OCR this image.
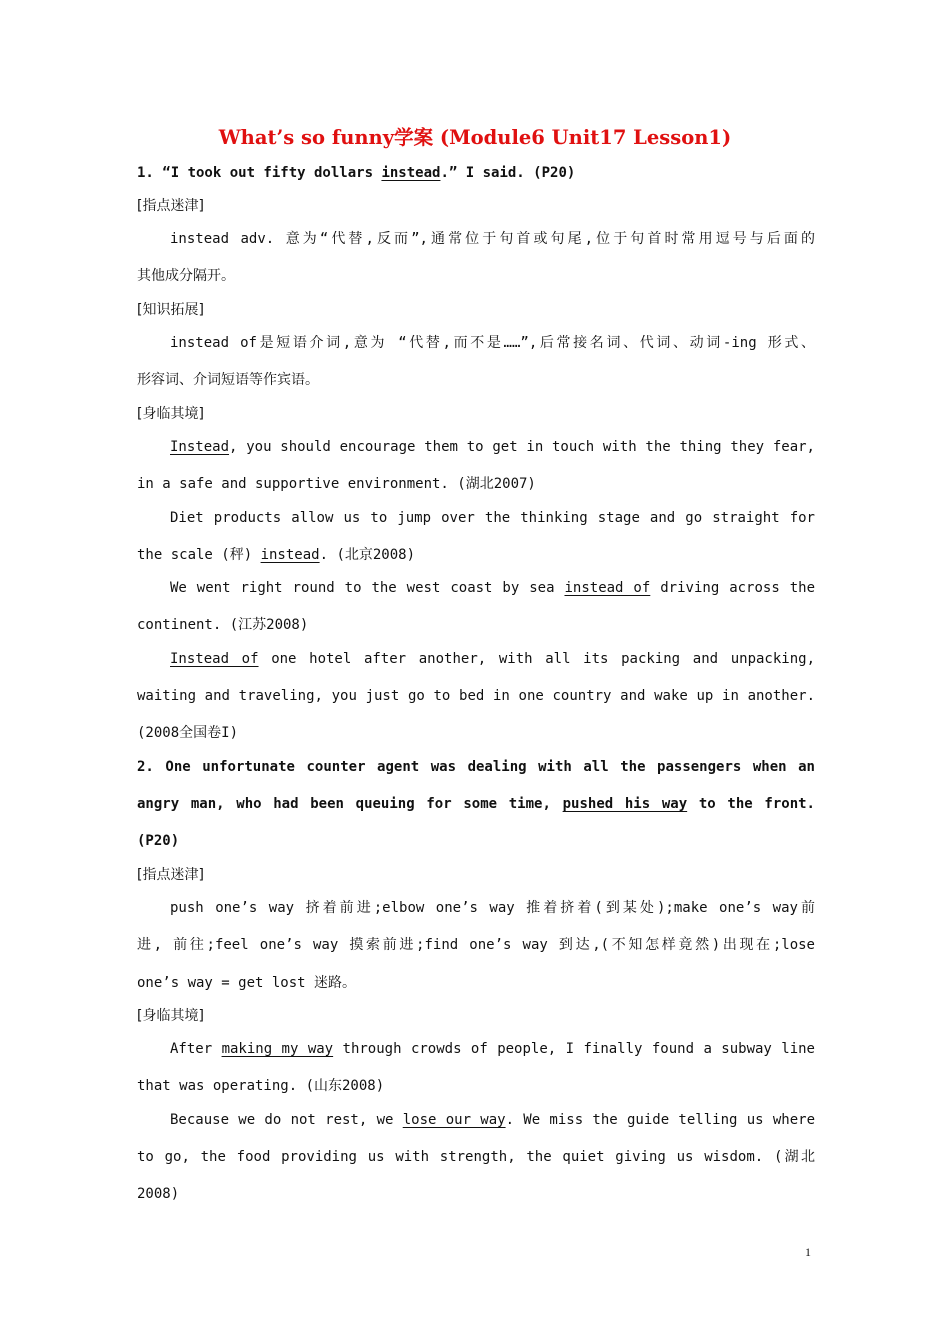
What’s so funny学案 (Module6 Unit17 Lesson1)
1. “I took out fifty dollars instead.” I said. (P20)
[指点迷津]
instead adv. 意为“代替,反而”,通常位于句首或句尾,位于句首时常用逗号与后面的
其他成分隔开。
[知识拓展]
instead of是短语介词,意为 “代替,而不是……”,后常接名词、代词、动词-ing 形式、
形容词、介词短语等作宾语。
[身临其境]
Instead, you should encourage them to get in touch with the thing they fear,
in a safe and supportive environment. (湖北2007)
Diet products allow us to jump over the thinking stage and go straight for
the scale (秤) instead. (北京2008)
We went right round to the west coast by sea instead of driving across the
continent. (江苏2008)
Instead of one hotel after another, with all its packing and unpacking,
waiting and traveling, you just go to bed in one country and wake up in another.
(2008全国卷I)
2. One unfortunate counter agent was dealing with all the passengers when an
angry man, who had been queuing for some time, pushed his way to the front.
(P20)
[指点迷津]
push one’s way 挤着前进;elbow one’s way 推着挤着(到某处);make one’s way前
进, 前往;feel one’s way 摸索前进;find one’s way 到达,(不知怎样竟然)出现在;lose
one’s way = get lost 迷路。
[身临其境]
After making my way through crowds of people, I finally found a subway line
that was operating. (山东2008)
Because we do not rest, we lose our way. We miss the guide telling us where
to go, the food providing us with strength, the quiet giving us wisdom. (湖北
2008)
1
